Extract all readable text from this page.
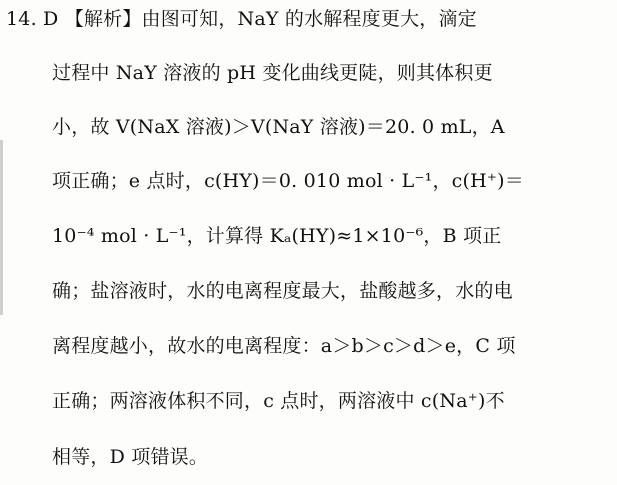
14. D 【解析】由图可知，NaY 的水解程度更大，滴定
过程中 NaY 溶液的 pH 变化曲线更陡，则其体积更
小，故 V(NaX 溶液)＞V(NaY 溶液)＝20. 0 mL，A
项正确；e 点时，c(HY)＝0. 010 mol · L⁻¹，c(H⁺)＝
10⁻⁴ mol · L⁻¹，计算得 Kₐ(HY)≈1×10⁻⁶，B 项正
确；盐溶液时，水的电离程度最大，盐酸越多，水的电
离程度越小，故水的电离程度：a＞b＞c＞d＞e，C 项
正确；两溶液体积不同，c 点时，两溶液中 c(Na⁺)不
相等，D 项错误。
